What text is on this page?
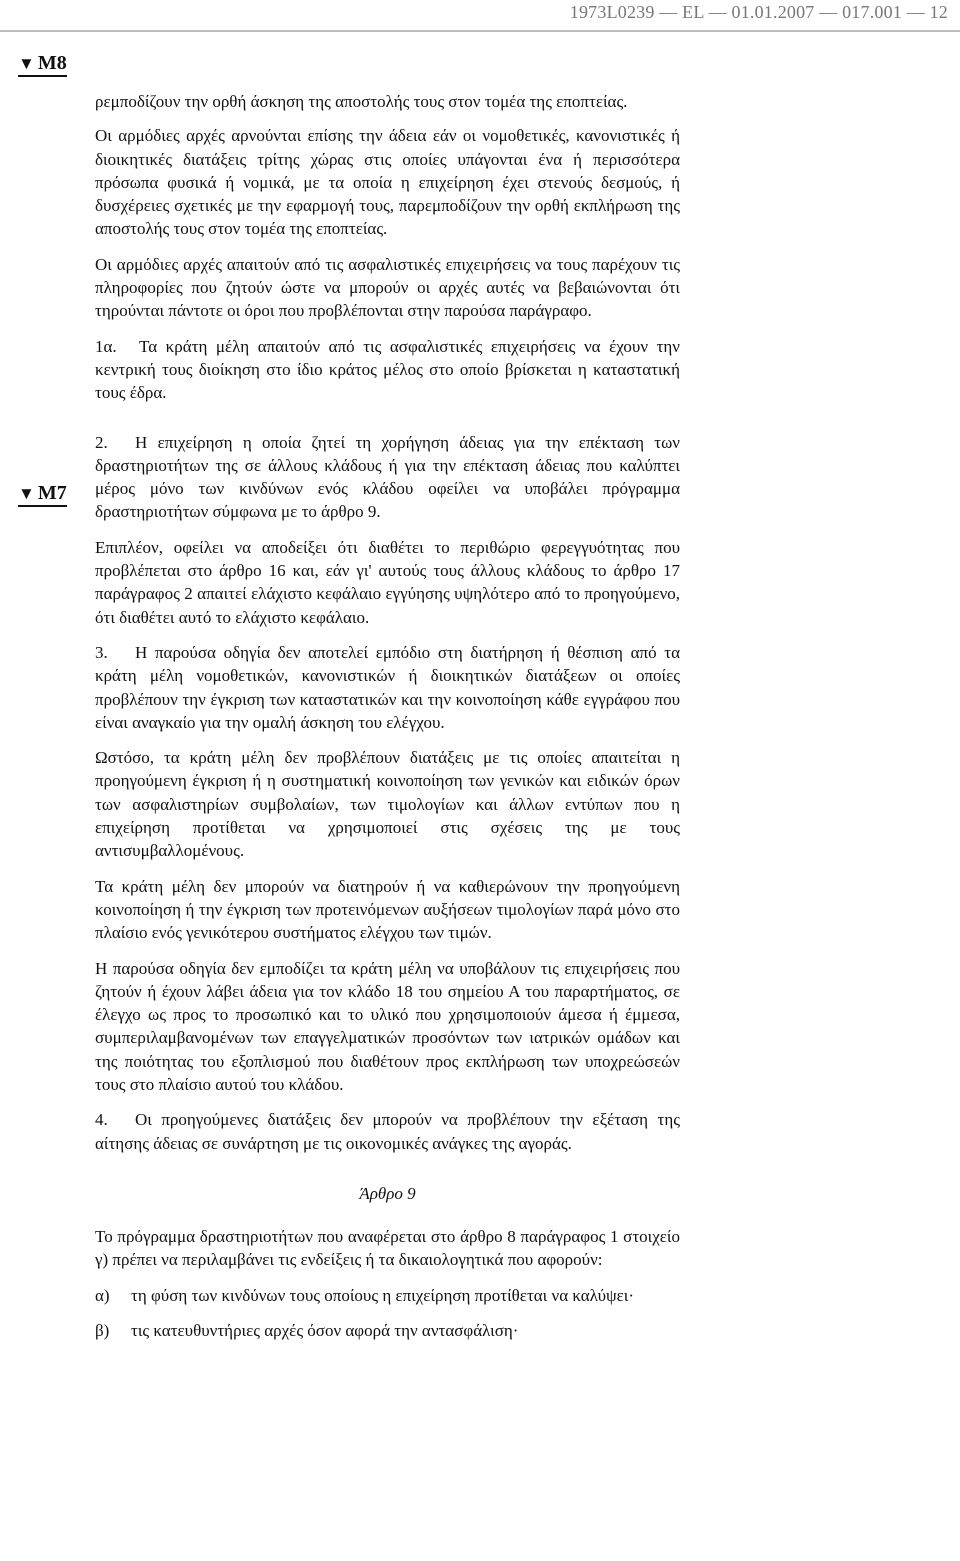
1973L0239 — EL — 01.01.2007 — 017.001 — 12
▼ M8
▼ M7

ρεμποδίζουν την ορθή άσκηση της αποστολής τους στον τομέα της εποπτείας.

Οι αρμόδιες αρχές αρνούνται επίσης την άδεια εάν οι νομοθετικές, κανονιστικές ή διοικητικές διατάξεις τρίτης χώρας στις οποίες υπάγονται ένα ή περισσότερα πρόσωπα φυσικά ή νομικά, με τα οποία η επιχείρηση έχει στενούς δεσμούς, ή δυσχέρειες σχετικές με την εφαρμογή τους, παρεμποδίζουν την ορθή εκπλήρωση της αποστολής τους στον τομέα της εποπτείας.

Οι αρμόδιες αρχές απαιτούν από τις ασφαλιστικές επιχειρήσεις να τους παρέχουν τις πληροφορίες που ζητούν ώστε να μπορούν οι αρχές αυτές να βεβαιώνονται ότι τηρούνται πάντοτε οι όροι που προβλέπονται στην παρούσα παράγραφο.

1α. Τα κράτη μέλη απαιτούν από τις ασφαλιστικές επιχειρήσεις να έχουν την κεντρική τους διοίκηση στο ίδιο κράτος μέλος στο οποίο βρίσκεται η καταστατική τους έδρα.

2. Η επιχείρηση η οποία ζητεί τη χορήγηση άδειας για την επέκταση των δραστηριοτήτων της σε άλλους κλάδους ή για την επέκταση άδειας που καλύπτει μέρος μόνο των κινδύνων ενός κλάδου οφείλει να υποβάλει πρόγραμμα δραστηριοτήτων σύμφωνα με το άρθρο 9.

Επιπλέον, οφείλει να αποδείξει ότι διαθέτει το περιθώριο φερεγγυότητας που προβλέπεται στο άρθρο 16 και, εάν γι' αυτούς τους άλλους κλάδους το άρθρο 17 παράγραφος 2 απαιτεί ελάχιστο κεφάλαιο εγγύησης υψηλότερο από το προηγούμενο, ότι διαθέτει αυτό το ελάχιστο κεφάλαιο.

3. Η παρούσα οδηγία δεν αποτελεί εμπόδιο στη διατήρηση ή θέσπιση από τα κράτη μέλη νομοθετικών, κανονιστικών ή διοικητικών διατάξεων οι οποίες προβλέπουν την έγκριση των καταστατικών και την κοινοποίηση κάθε εγγράφου που είναι αναγκαίο για την ομαλή άσκηση του ελέγχου.

Ωστόσο, τα κράτη μέλη δεν προβλέπουν διατάξεις με τις οποίες απαιτείται η προηγούμενη έγκριση ή η συστηματική κοινοποίηση των γενικών και ειδικών όρων των ασφαλιστηρίων συμβολαίων, των τιμολογίων και άλλων εντύπων που η επιχείρηση προτίθεται να χρησιμοποιεί στις σχέσεις της με τους αντισυμβαλλομένους.

Τα κράτη μέλη δεν μπορούν να διατηρούν ή να καθιερώνουν την προηγούμενη κοινοποίηση ή την έγκριση των προτεινόμενων αυξήσεων τιμολογίων παρά μόνο στο πλαίσιο ενός γενικότερου συστήματος ελέγχου των τιμών.

Η παρούσα οδηγία δεν εμποδίζει τα κράτη μέλη να υποβάλουν τις επιχειρήσεις που ζητούν ή έχουν λάβει άδεια για τον κλάδο 18 του σημείου Α του παραρτήματος, σε έλεγχο ως προς το προσωπικό και το υλικό που χρησιμοποιούν άμεσα ή έμμεσα, συμπεριλαμβανομένων των επαγγελματικών προσόντων των ιατρικών ομάδων και της ποιότητας του εξοπλισμού που διαθέτουν προς εκπλήρωση των υποχρεώσεών τους στο πλαίσιο αυτού του κλάδου.

4. Οι προηγούμενες διατάξεις δεν μπορούν να προβλέπουν την εξέταση της αίτησης άδειας σε συνάρτηση με τις οικονομικές ανάγκες της αγοράς.

Άρθρο 9

Το πρόγραμμα δραστηριοτήτων που αναφέρεται στο άρθρο 8 παράγραφος 1 στοιχείο γ) πρέπει να περιλαμβάνει τις ενδείξεις ή τα δικαιολογητικά που αφορούν:

α) τη φύση των κινδύνων τους οποίους η επιχείρηση προτίθεται να καλύψει·

β) τις κατευθυντήριες αρχές όσον αφορά την αντασφάλιση·
